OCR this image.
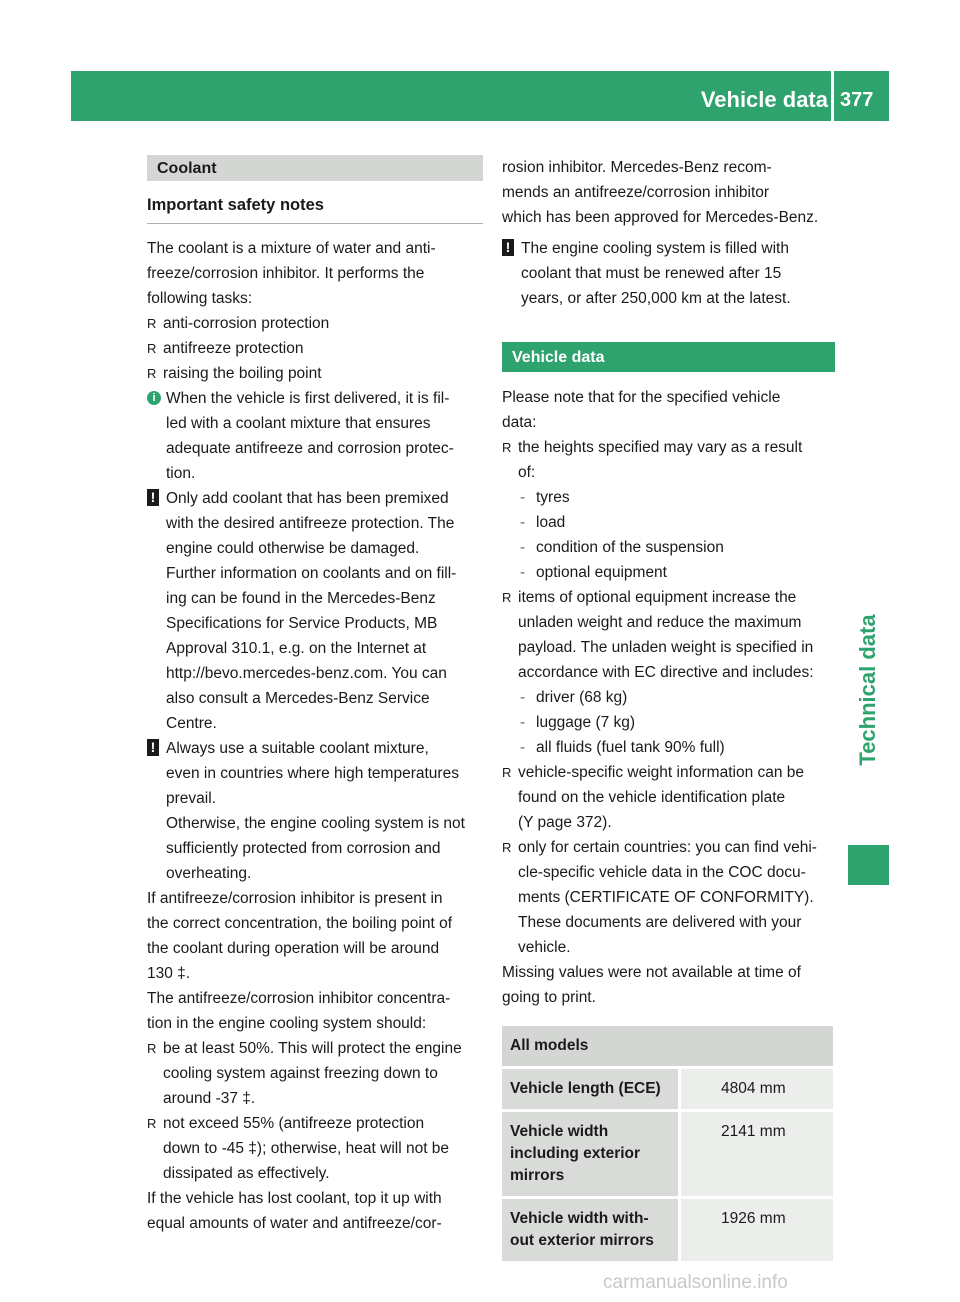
Vehicle data 377
Technical data
Coolant
Important safety notes
The coolant is a mixture of water and anti-
freeze/corrosion inhibitor. It performs the
following tasks:
R anti-corrosion protection
R antifreeze protection
R raising the boiling point
i When the vehicle is first delivered, it is fil-
led with a coolant mixture that ensures
adequate antifreeze and corrosion protec-
tion.
! Only add coolant that has been premixed
with the desired antifreeze protection. The
engine could otherwise be damaged.
Further information on coolants and on fill-
ing can be found in the Mercedes-Benz
Specifications for Service Products, MB
Approval 310.1, e.g. on the Internet at
http://bevo.mercedes-benz.com. You can
also consult a Mercedes-Benz Service
Centre.
! Always use a suitable coolant mixture,
even in countries where high temperatures
prevail.
Otherwise, the engine cooling system is not
sufficiently protected from corrosion and
overheating.
If antifreeze/corrosion inhibitor is present in
the correct concentration, the boiling point of
the coolant during operation will be around
130 ‡.
The antifreeze/corrosion inhibitor concentra-
tion in the engine cooling system should:
R be at least 50%. This will protect the engine
cooling system against freezing down to
around -37 ‡.
R not exceed 55% (antifreeze protection
down to -45 ‡); otherwise, heat will not be
dissipated as effectively.
If the vehicle has lost coolant, top it up with
equal amounts of water and antifreeze/cor-
rosion inhibitor. Mercedes-Benz recom-
mends an antifreeze/corrosion inhibitor
which has been approved for Mercedes-Benz.
! The engine cooling system is filled with
coolant that must be renewed after 15
years, or after 250,000 km at the latest.
Vehicle data
Please note that for the specified vehicle
data:
R the heights specified may vary as a result
of:
- tyres
- load
- condition of the suspension
- optional equipment
R items of optional equipment increase the
unladen weight and reduce the maximum
payload. The unladen weight is specified in
accordance with EC directive and includes:
- driver (68 kg)
- luggage (7 kg)
- all fluids (fuel tank 90% full)
R vehicle-specific weight information can be
found on the vehicle identification plate
(Y page 372).
R only for certain countries: you can find vehi-
cle-specific vehicle data in the COC docu-
ments (CERTIFICATE OF CONFORMITY).
These documents are delivered with your
vehicle.
Missing values were not available at time of
going to print.
All models	
Vehicle length (ECE)	4804 mm
Vehicle width including exterior mirrors	2141 mm
Vehicle width with-out exterior mirrors	1926 mm
carmanualsonline.info
